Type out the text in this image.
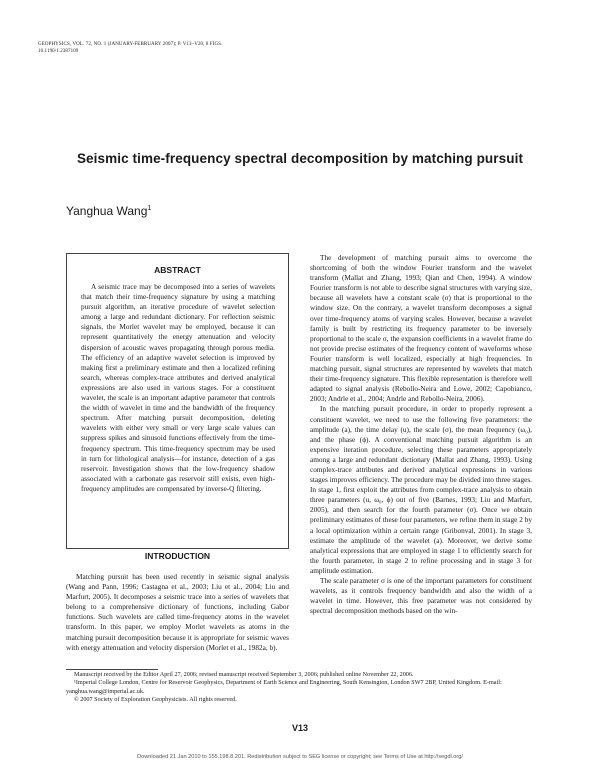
GEOPHYSICS, VOL. 72, NO. 1 (JANUARY-FEBRUARY 2007); P. V13–V20, 8 FIGS.
10.1190/1.2387109
Seismic time-frequency spectral decomposition by matching pursuit
Yanghua Wang$^1$
ABSTRACT
A seismic trace may be decomposed into a series of wavelets that match their time-frequency signature by using a matching pursuit algorithm, an iterative procedure of wavelet selection among a large and redundant dictionary. For reflection seismic signals, the Morlet wavelet may be employed, because it can represent quantitatively the energy attenuation and velocity dispersion of acoustic waves propagating through porous media. The efficiency of an adaptive wavelet selection is improved by making first a preliminary estimate and then a localized refining search, whereas complex-trace attributes and derived analytical expressions are also used in various stages. For a constituent wavelet, the scale is an important adaptive parameter that controls the width of wavelet in time and the bandwidth of the frequency spectrum. After matching pursuit decomposition, deleting wavelets with either very small or very large scale values can suppress spikes and sinusoid functions effectively from the time-frequency spectrum. This time-frequency spectrum may be used in turn for lithological analysis—for instance, detection of a gas reservoir. Investigation shows that the low-frequency shadow associated with a carbonate gas reservoir still exists, even high-frequency amplitudes are compensated by inverse-Q filtering.
INTRODUCTION
Matching pursuit has been used recently in seismic signal analysis (Wang and Pann, 1996; Castagna et al., 2003; Liu et al., 2004; Liu and Marfurt, 2005). It decomposes a seismic trace into a series of wavelets that belong to a comprehensive dictionary of functions, including Gabor functions. Such wavelets are called time-frequency atoms in the wavelet transform. In this paper, we employ Morlet wavelets as atoms in the matching pursuit decomposition because it is appropriate for seismic waves with energy attenuation and velocity dispersion (Morlet et al., 1982a, b).

The development of matching pursuit aims to overcome the shortcoming of both the window Fourier transform and the wavelet transform (Mallat and Zhang, 1993; Qian and Chen, 1994). A window Fourier transform is not able to describe signal structures with varying size, because all wavelets have a constant scale (σ) that is proportional to the window size. On the contrary, a wavelet transform decomposes a signal over time-frequency atoms of varying scales. However, because a wavelet family is built by restricting its frequency parameter to be inversely proportional to the scale σ, the expansion coefficients in a wavelet frame do not provide precise estimates of the frequency content of waveforms whose Fourier transform is well localized, especially at high frequencies. In matching pursuit, signal structures are represented by wavelets that match their time-frequency signature. This flexible representation is therefore well adapted to signal analysis (Rebollo-Neira and Lowe, 2002; Capobianco, 2003; Andrle et al., 2004; Andrle and Rebollo-Neira, 2006).

In the matching pursuit procedure, in order to properly represent a constituent wavelet, we need to use the following five parameters: the amplitude (a), the time delay (u), the scale (σ), the mean frequency (ω₀), and the phase (ϕ). A conventional matching pursuit algorithm is an expensive iteration procedure, selecting these parameters appropriately among a large and redundant dictionary (Mallat and Zhang, 1993). Using complex-trace attributes and derived analytical expressions in various stages improves efficiency. The procedure may be divided into three stages. In stage 1, first exploit the attributes from complex-trace analysis to obtain three parameters (u, ω₀, ϕ) out of five (Barnes, 1993; Liu and Marfurt, 2005), and then search for the fourth parameter (σ). Once we obtain preliminary estimates of these four parameters, we refine them in stage 2 by a local optimization within a certain range (Gribonval, 2001). In stage 3, estimate the amplitude of the wavelet (a). Moreover, we derive some analytical expressions that are employed in stage 1 to efficiently search for the fourth parameter, in stage 2 to refine processing and in stage 3 for amplitude estimation.

The scale parameter σ is one of the important parameters for constituent wavelets, as it controls frequency bandwidth and also the width of a wavelet in time. However, this free parameter was not considered by spectral decomposition methods based on the win-

Manuscript received by the Editor April 27, 2006; revised manuscript received September 3, 2006; published online November 22, 2006.
¹Imperial College London, Centre for Reservoir Geophysics, Department of Earth Science and Engineering, South Kensington, London SW7 2BP, United Kingdom. E-mail: yanghua.wang@imperial.ac.uk.
© 2007 Society of Exploration Geophysicists. All rights reserved.
V13
Downloaded 21 Jan 2010 to 155.198.8.201. Redistribution subject to SEG license or copyright; see Terms of Use at http://segdl.org/
